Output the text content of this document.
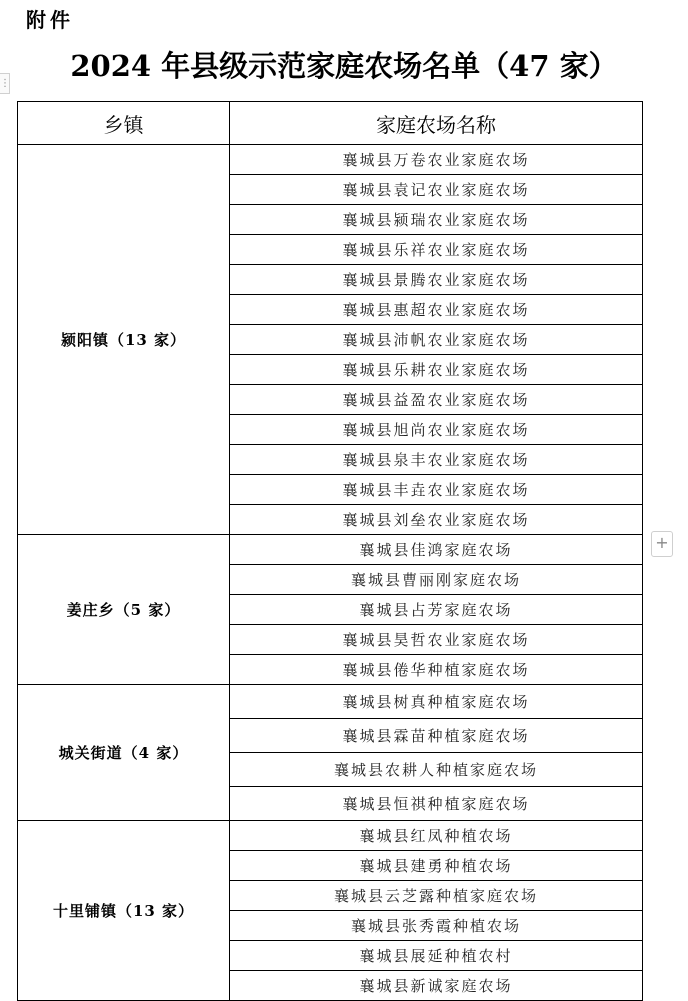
附件
2024 年县级示范家庭农场名单（47 家）
⋮
+
乡镇	家庭农场名称
颍阳镇（13 家）	襄城县万卷农业家庭农场
	襄城县袁记农业家庭农场
	襄城县颍瑞农业家庭农场
	襄城县乐祥农业家庭农场
	襄城县景腾农业家庭农场
	襄城县惠超农业家庭农场
	襄城县沛帆农业家庭农场
	襄城县乐耕农业家庭农场
	襄城县益盈农业家庭农场
	襄城县旭尚农业家庭农场
	襄城县泉丰农业家庭农场
	襄城县丰垚农业家庭农场
	襄城县刘垒农业家庭农场
姜庄乡（5 家）	襄城县佳鸿家庭农场
	襄城县曹丽刚家庭农场
	襄城县占芳家庭农场
	襄城县昊哲农业家庭农场
	襄城县倦华种植家庭农场
城关街道（4 家）	襄城县树真种植家庭农场
	襄城县霖苗种植家庭农场
	襄城县农耕人种植家庭农场
	襄城县恒祺种植家庭农场
十里铺镇（13 家）	襄城县红凤种植农场
	襄城县建勇种植农场
	襄城县云芝露种植家庭农场
	襄城县张秀霞种植农场
	襄城县展延种植农村
	襄城县新诚家庭农场
